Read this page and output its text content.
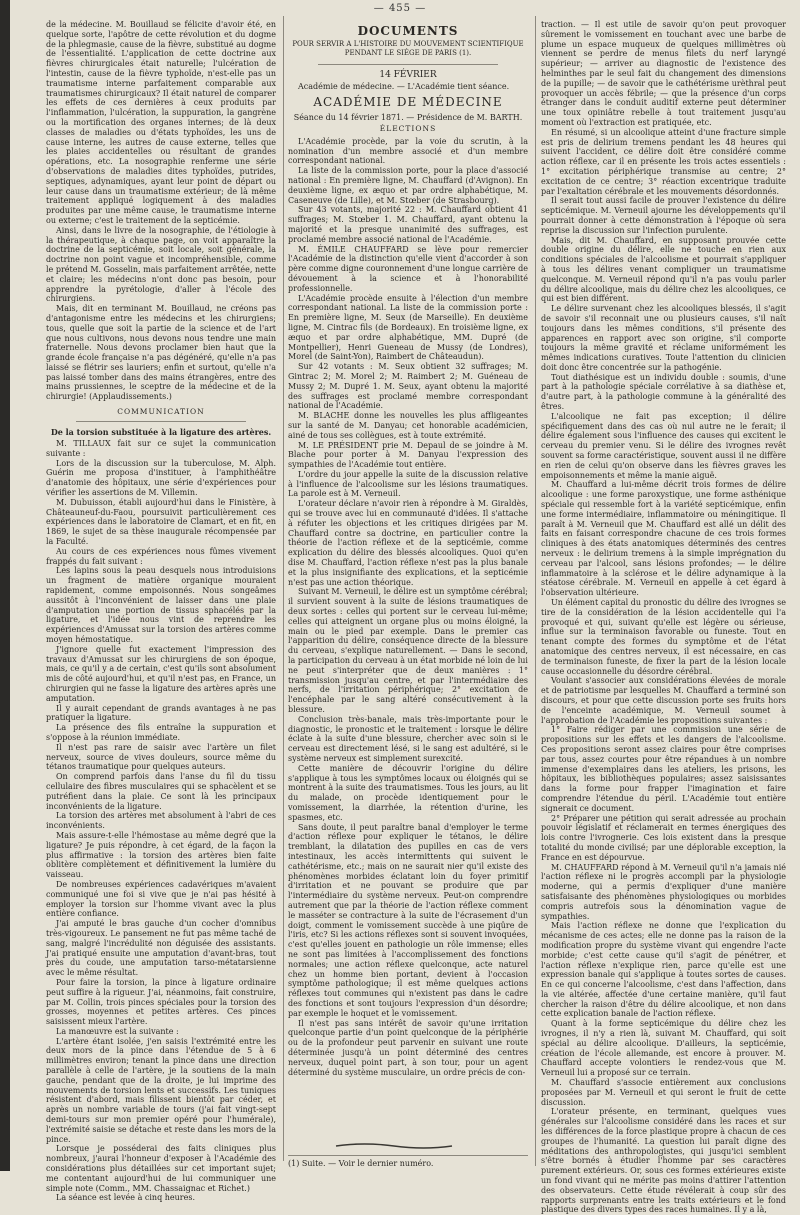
— 455 —

de la médecine. M. Bouillaud se félicite d'avoir été, en quelque sorte, l'apôtre de cette révolution et du dogme de la phlegmasie, cause de la fièvre, substitué au dogme de l'essentialité. L'application de cette doctrine aux fièvres chirurgicales était naturelle; l'ulcération de l'intestin, cause de la fièvre typhoïde, n'est-elle pas un traumatisme interne parfaitement comparable aux traumatismes chirurgicaux? Il était naturel de comparer les effets de ces dernières à ceux produits par l'inflammation, l'ulcération, la suppuration, la gangrène ou la mortification des organes internes; de là deux classes de maladies ou d'états typhoïdes, les uns de cause interne, les autres de cause externe, telles que les plaies accidentelles ou résultant de grandes opérations, etc. La nosographie renferme une série d'observations de maladies dites typhoïdes, putrides, septiques, adynamiques, ayant leur point de départ ou leur cause dans un traumatisme extérieur; de là même traitement appliqué logiquement à des maladies produites par une même cause, le traumatisme interne ou externe; c'est le traitement de la septicémie.

Ainsi, dans le livre de la nosographie, de l'étiologie à la thérapeutique, à chaque page, on voit apparaître la doctrine de la septicémie, soit locale, soit générale, la doctrine non point vague et incompréhensible, comme le prétend M. Gosselin, mais parfaitement arrêtée, nette et claire; les médecins n'ont donc pas besoin, pour apprendre la pyrétologie, d'aller à l'école des chirurgiens.

Mais, dit en terminant M. Bouillaud, ne créons pas d'antagonisme entre les médecins et les chirurgiens; tous, quelle que soit la partie de la science et de l'art que nous cultivons, nous devons nous tendre une main fraternelle. Nous devons proclamer bien haut que la grande école française n'a pas dégénéré, qu'elle n'a pas laissé se flétrir ses lauriers; enfin et surtout, qu'elle n'a pas laissé tomber dans des mains étrangères, entre des mains prussiennes, le sceptre de la médecine et de la chirurgie! (Applaudissements.)

COMMUNICATION
De la torsion substituée à la ligature des artères.

M. TILLAUX fait sur ce sujet la communication suivante :

Lors de la discussion sur la tuberculose, M. Alph. Guérin me proposa d'instituer, à l'amphithéâtre d'anatomie des hôpitaux, une série d'expériences pour vérifier les assertions de M. Villemin.

M. Dubuisson, établi aujourd'hui dans le Finistère, à Châteauneuf-du-Faou, poursuivit particulièrement ces expériences dans le laboratoire de Clamart, et en fit, en 1869, le sujet de sa thèse inaugurale récompensée par la Faculté.

Au cours de ces expériences nous fûmes vivement frappés du fait suivant :

Les lapins sous la peau desquels nous introduisions un fragment de matière organique mouraient rapidement, comme empoisonnés. Nous songeâmes aussitôt à l'inconvénient de laisser dans une plaie d'amputation une portion de tissus sphacélés par la ligature, et l'idée nous vint de reprendre les expériences d'Amussat sur la torsion des artères comme moyen hémostatique.

J'ignore quelle fut exactement l'impression des travaux d'Amussat sur les chirurgiens de son époque, mais, ce qu'il y a de certain, c'est qu'ils sont absolument mis de côté aujourd'hui, et qu'il n'est pas, en France, un chirurgien qui ne fasse la ligature des artères après une amputation.

Il y aurait cependant de grands avantages à ne pas pratiquer la ligature.

La présence des fils entraîne la suppuration et s'oppose à la réunion immédiate.

Il n'est pas rare de saisir avec l'artère un filet nerveux, source de vives douleurs, source même du tétanos traumatique pour quelques auteurs.

On comprend parfois dans l'anse du fil du tissu cellulaire des fibres musculaires qui se sphacèlent et se putréfient dans la plaie. Ce sont là les principaux inconvénients de la ligature.

La torsion des artères met absolument à l'abri de ces inconvénients.

Mais assure-t-elle l'hémostase au même degré que la ligature? Je puis répondre, à cet égard, de la façon la plus affirmative : la torsion des artères bien faite oblitère complètement et définitivement la lumière du vaisseau.

De nombreuses expériences cadavériques m'avaient communiqué une foi si vive que je n'ai pas hésité à employer la torsion sur l'homme vivant avec la plus entière confiance.

J'ai amputé le bras gauche d'un cocher d'omnibus très-vigoureux. Le pansement ne fut pas même taché de sang, malgré l'incrédulité non déguisée des assistants. J'ai pratiqué ensuite une amputation d'avant-bras, tout près du coude, une amputation tarso-métatarsienne avec le même résultat.

Pour faire la torsion, la pince à ligature ordinaire peut suffire à la rigueur. J'ai, néanmoins, fait construire, par M. Collin, trois pinces spéciales pour la torsion des grosses, moyennes et petites artères. Ces pinces saisissent mieux l'artère.

La manœuvre est la suivante :

L'artère étant isolée, j'en saisis l'extrémité entre les deux mors de la pince dans l'étendue de 5 à 6 millimètres environ; tenant la pince dans une direction parallèle à celle de l'artère, je la soutiens de la main gauche, pendant que de la droite, je lui imprime des mouvements de torsion lents et successifs. Les tuniques résistent d'abord, mais filissent bientôt par céder, et après un nombre variable de tours (j'ai fait vingt-sept demi-tours sur mon premier opéré pour l'humérale), l'extrémité saisie se détache et reste dans les mors de la pince.

Lorsque je posséderai des faits cliniques plus nombreux, j'aurai l'honneur d'exposer à l'Académie des considérations plus détaillées sur cet important sujet; me contentant aujourd'hui de lui communiquer une simple note (Comm., MM. Chassaignac et Richet.)

La séance est levée à cinq heures.

DOCUMENTS
POUR SERVIR A L'HISTOIRE DU MOUVEMENT SCIENTIFIQUE PENDANT LE SIÉGE DE PARIS (1).
14 FÉVRIER

Académie de médecine. — L'Académie tient séance.

ACADÉMIE DE MÉDECINE
Séance du 14 février 1871. — Présidence de M. BARTH.
ÉLECTIONS

L'Académie procède, par la voie du scrutin, à la nomination d'un membre associé et d'un membre correspondant national.

La liste de la commission porte, pour la place d'associé national : En première ligne, M. Chauffard (d'Avignon). En deuxième ligne, ex æquo et par ordre alphabétique, M. Caseneuve (de Lille), et M. Stœber (de Strasbourg).

Sur 43 votants, majorité 22 : M. Chauffard obtient 41 suffrages; M. Stœber 1. M. Chauffard, ayant obtenu la majorité et la presque unanimité des suffrages, est proclamé membre associé national de l'Académie.

M. ÉMILE CHAUFFARD se lève pour remercier l'Académie de la distinction qu'elle vient d'accorder à son père comme digne couronnement d'une longue carrière de dévouement à la science et à l'honorabilité professionnelle.

L'Académie procède ensuite à l'élection d'un membre correspondant national. La liste de la commission porte : En première ligne, M. Seux (de Marseille). En deuxième ligne, M. Cintrac fils (de Bordeaux). En troisième ligne, ex æquo et par ordre alphabétique, MM. Dupré (de Montpellier), Henri Gueneau de Mussy (de Londres), Morel (de Saint-Yon), Raimbert de Châteaudun).

Sur 42 votants : M. Seux obtient 32 suffrages; M. Gintrac 2; M. Morel 2; M. Raimbert 2; M. Guéneau de Mussy 2; M. Dupré 1. M. Seux, ayant obtenu la majorité des suffrages est proclamé membre correspondant national de l'Académie.

M. BLACHE donne les nouvelles les plus affligeantes sur la santé de M. Danyau; cet honorable académicien, ainé de tous ses collègues, est à toute extrémité.

M. LE PRÉSIDENT prie M. Depaul de se joindre à M. Blache pour porter à M. Danyau l'expression des sympathies de l'Académie tout entière.

L'ordre du jour appelle la suite de la discussion relative à l'influence de l'alcoolisme sur les lésions traumatiques. La parole est à M. Verneuil.

L'orateur déclare n'avoir rien à répondre à M. Giraldès, qui se trouve avec lui en communauté d'idées. Il s'attache à réfuter les objections et les critiques dirigées par M. Chauffard contre sa doctrine, en particulier contre la théorie de l'action réflexe et de la septicémie, comme explication du délire des blessés alcooliques. Quoi qu'en dise M. Chauffard, l'action réflexe n'est pas la plus banale et la plus insignifiante des explications, et la septicémie n'est pas une action théorique.

Suivant M. Verneuil, le délire est un symptôme cérébral; il survient souvent à la suite de lésions traumatiques de deux sortes : celles qui portent sur le cerveau lui-même; celles qui atteignent un organe plus ou moins éloigné, la main ou le pied par exemple. Dans le premier cas l'apparition du délire, conséquence directe de la blessure du cerveau, s'explique naturellement. — Dans le second, la participation du cerveau à un état morbide né loin de lui ne peut s'interpréter que de deux manières : 1° transmission jusqu'au centre, et par l'intermédiaire des nerfs, de l'irritation périphérique; 2° excitation de l'encéphale par le sang altéré consécutivement à la blessure.

Conclusion très-banale, mais très-importante pour le diagnostic, le pronostic et le traitement : lorsque le délire éclate à la suite d'une blessure, chercher avec soin si le cerveau est directement lésé, si le sang est adultéré, si le système nerveux est simplement surexcité.

Cette manière de découvrir l'origine du délire s'applique à tous les symptômes locaux ou éloignés qui se montrent à la suite des traumatismes. Tous les jours, au lit du malade, on procède identiquement pour le vomissement, la diarrhée, la rétention d'urine, les spasmes, etc.

Sans doute, il peut paraître banal d'employer le terme d'action réflexe pour expliquer le tétanos, le délire tremblant, la dilatation des pupilles en cas de vers intestinaux, les accès intermittents qui suivent le cathétérisme, etc.; mais on ne saurait nier qu'il existe des phénomènes morbides éclatant loin du foyer primitif d'irritation et ne pouvant se produire que par l'intermédiaire du système nerveux. Peut-on comprendre autrement que par la théorie de l'action réflexe comment le masséter se contracture à la suite de l'écrasement d'un doigt, comment le vomissement succède à une piqûre de l'iris, etc? Si les actions réflexes sont si souvent invoquées, c'est qu'elles jouent en pathologie un rôle immense; elles ne sont pas limitées à l'accomplissement des fonctions normales; une action réflexe quelconque, acte naturel chez un homme bien portant, devient à l'occasion symptôme pathologique; il est même quelques actions réflexes tout communes qui n'existent pas dans le cadre des fonctions et sont toujours l'expression d'un désordre; par exemple le hoquet et le vomissement.

Il n'est pas sans intérêt de savoir qu'une irritation quelconque partie d'un point quelconque de la périphérie ou de la profondeur peut parvenir en suivant une route déterminée jusqu'à un point déterminé des centres nerveux, duquel point part, à son tour, pour un agent déterminé du système musculaire, un ordre précis de con-

(1) Suite. — Voir le dernier numéro.

traction. — Il est utile de savoir qu'on peut provoquer sûrement le vomissement en touchant avec une barbe de plume un espace muqueux de quelques millimètres où viennent se perdre de menus filets du nerf laryngé supérieur; — arriver au diagnostic de l'existence des helminthes par le seul fait du changement des dimensions de la pupille; — de savoir que le cathétérisme urèthral peut provoquer un accès fébrile; — que la présence d'un corps étranger dans le conduit auditif externe peut déterminer une toux opiniâtre rebelle à tout traitement jusqu'au moment où l'extraction est pratiquée, etc.

En résumé, si un alcoolique atteint d'une fracture simple est pris de delirium tremens pendant les 48 heures qui suivent l'accident, ce délire doit être considéré comme action réflexe, car il en présente les trois actes essentiels : 1° excitation périphérique transmise au centre; 2° excitation de ce centre; 3° réaction excentrique traduite par l'exaltation cérébrale et les mouvements désordonnés.

Il serait tout aussi facile de prouver l'existence du délire septicémique. M. Verneuil ajourne les développements qu'il pourrait donner à cette démonstration à l'époque où sera reprise la discussion sur l'infection purulente.

Mais, dit M. Chauffard, en supposant prouvée cette double origine du délire, elle ne touche en rien aux conditions spéciales de l'alcoolisme et pourrait s'appliquer à tous les délires venant compliquer un traumatisme quelconque. M. Verneuil répond qu'il n'a pas voulu parler du délire alcoolique, mais du délire chez les alcooliques, ce qui est bien différent.

Le délire survenant chez les alcooliques blessés, il s'agit de savoir s'il reconnait une ou plusieurs causes, s'il naît toujours dans les mêmes conditions, s'il présente des apparences en rapport avec son origine, s'il comporte toujours la même gravité et réclame uniformément les mêmes indications curatives. Toute l'attention du clinicien doit donc être concentrée sur la pathogénie.

Tout diathésique est un individu double : soumis, d'une part à la pathologie spéciale corrélative à sa diathèse et, d'autre part, à la pathologie commune à la généralité des êtres.

L'alcoolique ne fait pas exception; il délire spécifiquement dans des cas où nul autre ne le ferait; il délire également sous l'influence des causes qui excitent le cerveau du premier venu. Si le délire des ivrognes revêt souvent sa forme caractéristique, souvent aussi il ne diffère en rien de celui qu'on observe dans les fièvres graves les empoisonnements et même la manie aiguë.

M. Chauffard a lui-même décrit trois formes de délire alcoolique : une forme paroxystique, une forme asthénique spéciale qui ressemble fort à la variété septicémique, enfin une forme intermédiaire, inflammatoire ou méningitique. Il paraît à M. Verneuil que M. Chauffard est allé un délit des faits en faisant correspondre chacune de ces trois formes cliniques à des états anatomiques déterminés des centres nerveux : le delirium tremens à la simple imprégnation du cerveau par l'alcool, sans lésions profondes; — le délire inflammatoire à la sclérose et le délire adynamique à la stéatose cérébrale. M. Verneuil en appelle à cet égard à l'observation ultérieure.

Un élément capital du pronostic du délire des ivrognes se tire de la considération de la lésion accidentelle qui l'a provoqué et qui, suivant qu'elle est légère ou sérieuse, influe sur la terminaison favorable ou funeste. Tout en tenant compte des formes du symptôme et de l'état anatomique des centres nerveux, il est nécessaire, en cas de terminaison funeste, de fixer la part de la lésion locale cause occasionnelle du désordre cérébral.

Voulant s'associer aux considérations élevées de morale et de patriotisme par lesquelles M. Chauffard a terminé son discours, et pour que cette discussion porte ses fruits hors de l'enceinte académique, M. Verneuil soumet à l'approbation de l'Académie les propositions suivantes :

1° Faire rédiger par une commission une série de propositions sur les effets et les dangers de l'alcoolisme. Ces propositions seront assez claires pour être comprises par tous, assez courtes pour être répandues à un nombre immense d'exemplaires dans les ateliers, les prisons, les hôpitaux, les bibliothèques populaires; assez saisissantes dans la forme pour frapper l'imagination et faire comprendre l'étendue du péril. L'Académie tout entière signerait ce document.

2° Préparer une pétition qui serait adressée au prochain pouvoir législatif et réclamerait en termes énergiques des lois contre l'ivrognerie. Ces lois existent dans la presque totalité du monde civilisé; par une déplorable exception, la France en est dépourvue.

M. CHAUFFARD répond à M. Verneuil qu'il n'a jamais nié l'action réflexe ni le progrès accompli par la physiologie moderne, qui a permis d'expliquer d'une manière satisfaisante des phénomènes physiologiques ou morbides compris autrefois sous la dénomination vague de sympathies.

Mais l'action réflexe ne donne que l'explication du mécanisme de ces actes; elle ne donne pas la raison de la modification propre du système vivant qui engendre l'acte morbide; c'est cette cause qu'il s'agit de pénétrer, et l'action réflexe n'explique rien, parce qu'elle est une expression banale qui s'applique à toutes sortes de causes. En ce qui concerne l'alcoolisme, c'est dans l'affection, dans la vie altérée, affectée d'une certaine manière, qu'il faut chercher la raison d'être du délire alcoolique, et non dans cette explication banale de l'action réflexe.

Quant à la forme septicémique du délire chez les ivrognes, il n'y a rien là, suivant M. Chauffard, qui soit spécial au délire alcoolique. D'ailleurs, la septicémie, création de l'école allemande, est encore à prouver. M. Chauffard accepte volontiers le rendez-vous que M. Verneuil lui a proposé sur ce terrain.

M. Chauffard s'associe entièrement aux conclusions proposées par M. Verneuil et qui seront le fruit de cette discussion.

L'orateur présente, en terminant, quelques vues générales sur l'alcoolisme considéré dans les races et sur les différences de la force plastique propre à chacun de ces groupes de l'humanité. La question lui paraît digne des méditations des anthropologistes, qui jusqu'ici semblent s'être bornés à étudier l'homme par ses caractères purement extérieurs. Or, sous ces formes extérieures existe un fond vivant qui ne mérite pas moins d'attirer l'attention des observateurs. Cette étude révélerait à coup sûr des rapports surprenants entre les traits extérieurs et le fond plastique des divers types des races humaines. Il y a là,
